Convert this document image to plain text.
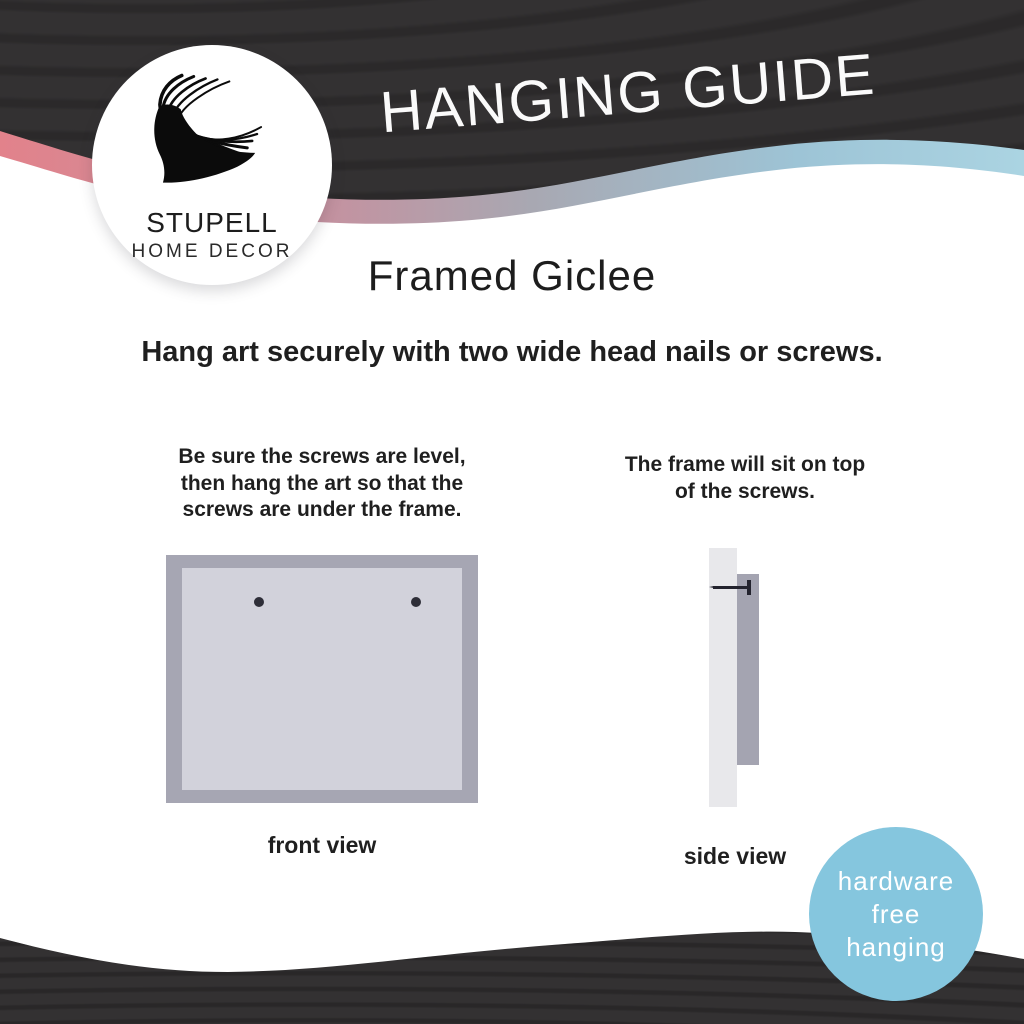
HANGING GUIDE
STUPELL
HOME DECOR
Framed Giclee
Hang art securely with two wide head nails or screws.
Be sure the screws are level,
then hang the art so that the
screws are under the frame.
The frame will sit on top
of the screws.
front view	side view
hardware
free
hanging
